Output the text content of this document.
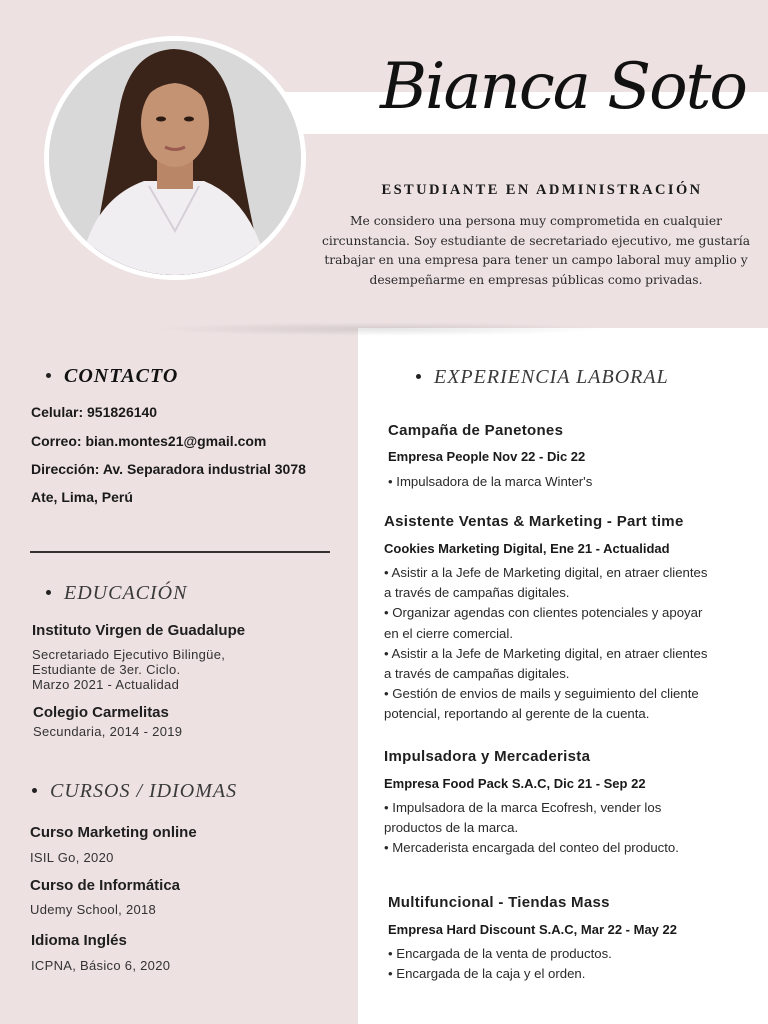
Bianca Soto
ESTUDIANTE EN ADMINISTRACIÓN
Me considero una persona muy comprometida en cualquier circunstancia. Soy estudiante de secretariado ejecutivo, me gustaría trabajar en una empresa para tener un campo laboral muy amplio y desempeñarme en empresas públicas como privadas.
CONTACTO
Celular: 951826140
Correo: bian.montes21@gmail.com
Dirección: Av. Separadora industrial 3078
Ate, Lima, Perú
EDUCACIÓN
Instituto Virgen de Guadalupe
Secretariado Ejecutivo Bilingüe,
Estudiante de 3er. Ciclo.
Marzo 2021 - Actualidad
Colegio Carmelitas
Secundaria, 2014 - 2019
CURSOS / IDIOMAS
Curso Marketing online
ISIL Go, 2020
Curso de Informática
Udemy School, 2018
Idioma Inglés
ICPNA, Básico 6, 2020
EXPERIENCIA LABORAL
Campaña de Panetones
Empresa People Nov 22 - Dic 22
• Impulsadora de la marca Winter's
Asistente Ventas & Marketing - Part time
Cookies Marketing Digital, Ene 21 - Actualidad
• Asistir a la Jefe de Marketing digital, en atraer clientes
a través de campañas digitales.
• Organizar agendas con clientes potenciales y apoyar
en el cierre comercial.
• Asistir a la Jefe de Marketing digital, en atraer clientes
a través de campañas digitales.
• Gestión de envios de mails y seguimiento del cliente
potencial, reportando al gerente de la cuenta.
Impulsadora y Mercaderista
Empresa Food Pack S.A.C, Dic 21 - Sep 22
• Impulsadora de la marca Ecofresh, vender los
productos de la marca.
• Mercaderista encargada del conteo del producto.
Multifuncional - Tiendas Mass
Empresa Hard Discount S.A.C, Mar 22 - May 22
• Encargada de la venta de productos.
• Encargada de la caja y el orden.
